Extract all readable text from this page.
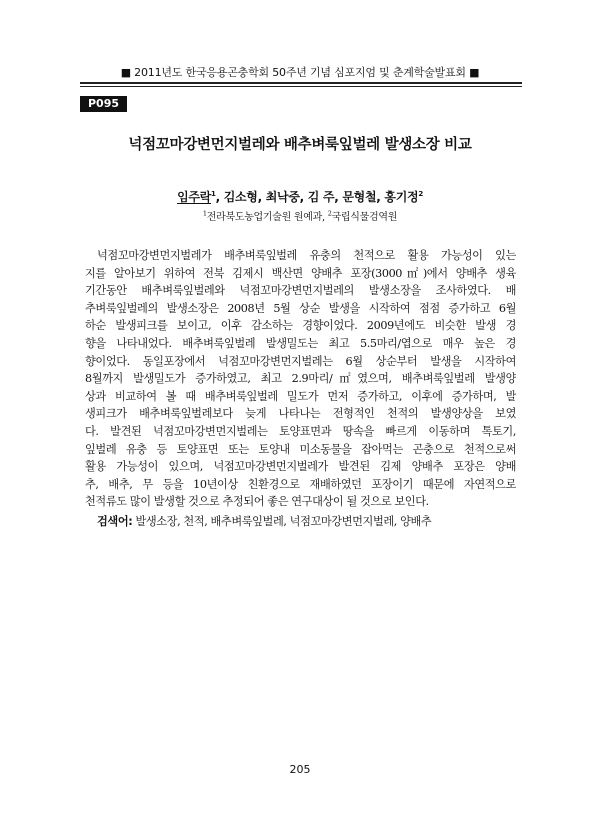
■ 2011년도 한국응용곤충학회 50주년 기념 심포지엄 및 춘계학술발표회 ■
P095
넉점꼬마강변먼지벌레와 배추벼룩잎벌레 발생소장 비교
임주락$^1$, 김소형, 최낙중, 김 주, 문형철, 홍기정$^2$
$^1$전라북도농업기술원 원예과, $^2$국립식물검역원
넉점꼬마강변먼지벌레가 배추벼룩잎벌레 유충의 천적으로 활용 가능성이 있는
지를 알아보기 위하여 전북 김제시 백산면 양배추 포장(3000㎡)에서 양배추 생육
기간동안 배추벼룩잎벌레와 넉점꼬마강변먼지벌레의 발생소장을 조사하였다. 배
추벼룩잎벌레의 발생소장은 2008년 5월 상순 발생을 시작하여 점점 증가하고 6월
하순 발생피크를 보이고, 이후 감소하는 경향이었다. 2009년에도 비슷한 발생 경
향을 나타내었다. 배추벼룩잎벌레 발생밀도는 최고 5.5마리/엽으로 매우 높은 경
향이었다. 동일포장에서 넉점꼬마강변먼지벌레는 6월 상순부터 발생을 시작하여
8월까지 발생밀도가 증가하였고, 최고 2.9마리/㎡였으며, 배추벼룩잎벌레 발생양
상과 비교하여 볼 때 배추벼룩잎벌레 밀도가 먼저 증가하고, 이후에 증가하며, 발
생피크가 배추벼룩잎벌레보다 늦게 나타나는 전형적인 천적의 발생양상을 보였
다. 발견된 넉점꼬마강변먼지벌레는 토양표면과 땅속을 빠르게 이동하며 톡토기,
잎벌레 유충 등 토양표면 또는 토양내 미소동물을 잡아먹는 곤충으로 천적으로써
활용 가능성이 있으며, 넉점꼬마강변먼지벌레가 발견된 김제 양배추 포장은 양배
추, 배추, 무 등을 10년이상 친환경으로 재배하였던 포장이기 때문에 자연적으로
천적류도 많이 발생할 것으로 추정되어 좋은 연구대상이 될 것으로 보인다.
검색어: 발생소장, 천적, 배추벼룩잎벌레, 넉점꼬마강변먼지벌레, 양배추
205
